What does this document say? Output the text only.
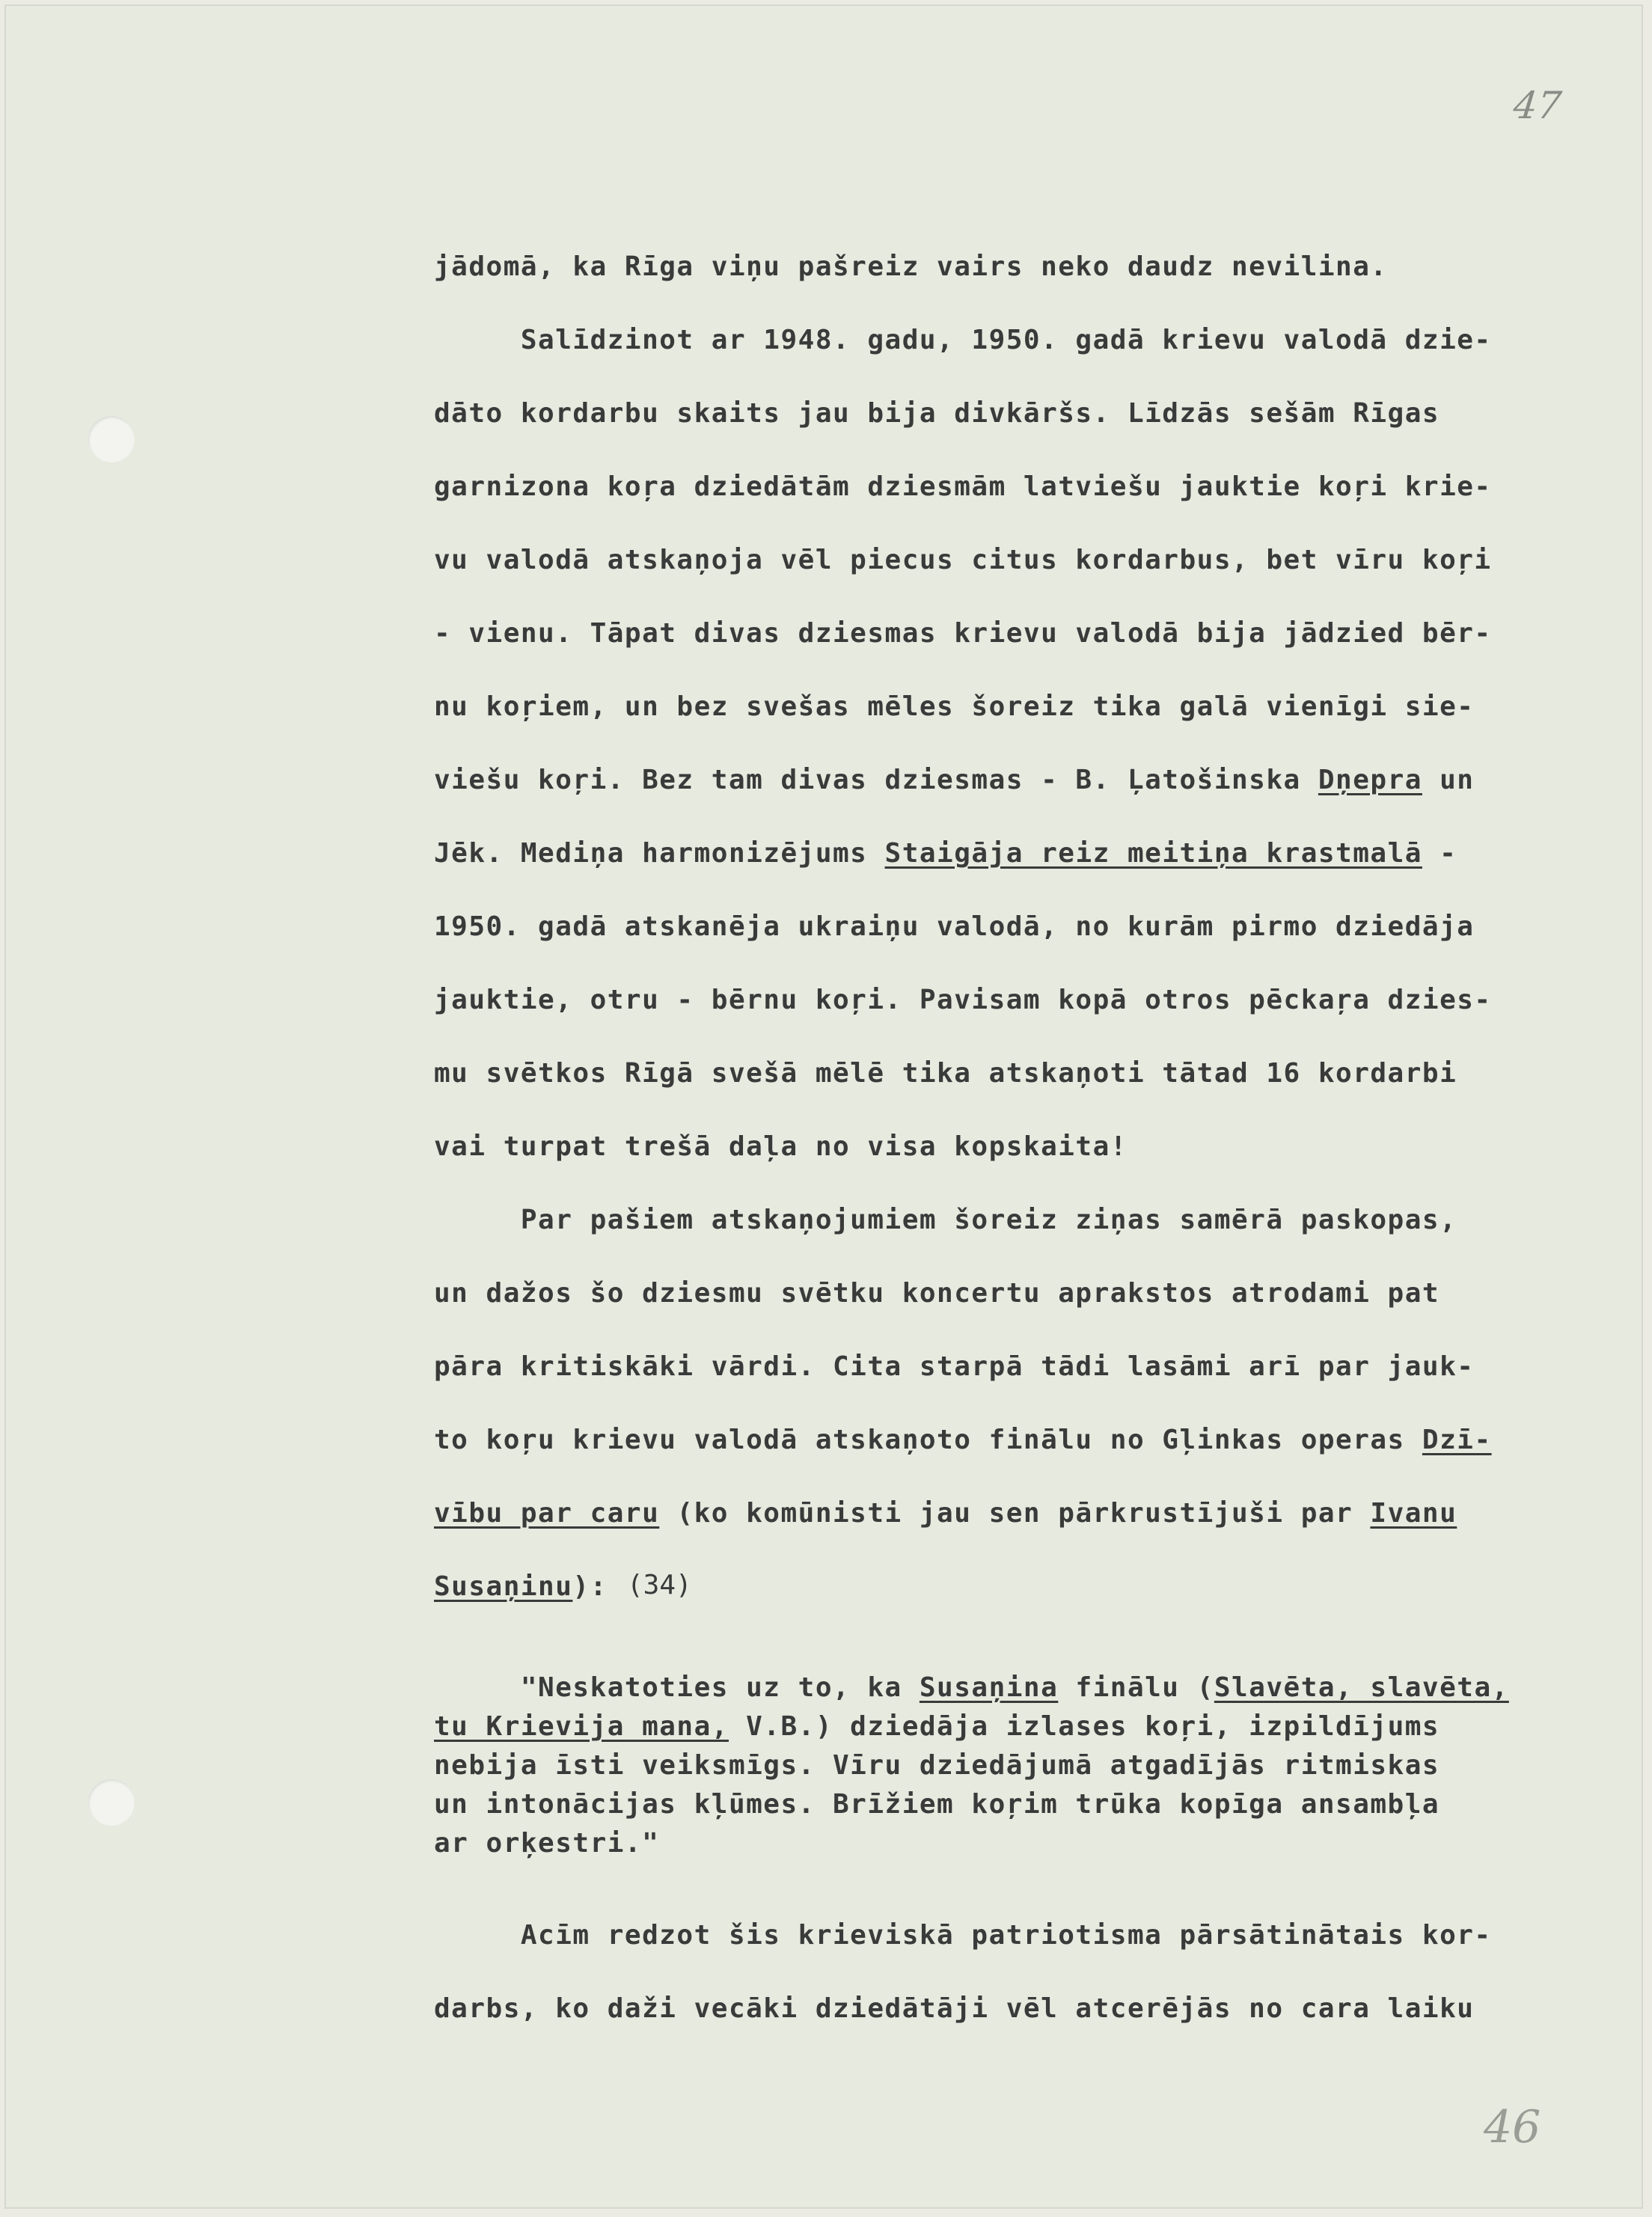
47
46
jādomā, ka Rīga viņu pašreiz vairs neko daudz nevilina.
Salīdzinot ar 1948. gadu, 1950. gadā krievu valodā dzie-
dāto kordarbu skaits jau bija divkāršs. Līdzās sešām Rīgas
garnizona koŗa dziedātām dziesmām latviešu jauktie koŗi krie-
vu valodā atskaņoja vēl piecus citus kordarbus, bet vīru koŗi
- vienu. Tāpat divas dziesmas krievu valodā bija jādzied bēr-
nu koŗiem, un bez svešas mēles šoreiz tika galā vienīgi sie-
viešu koŗi. Bez tam divas dziesmas - B. Ļatošinska Dņepra un
Jēk. Mediņa harmonizējums Staigāja reiz meitiņa krastmalā -
1950. gadā atskanēja ukraiņu valodā, no kurām pirmo dziedāja
jauktie, otru - bērnu koŗi. Pavisam kopā otros pēckaŗa dzies-
mu svētkos Rīgā svešā mēlē tika atskaņoti tātad 16 kordarbi
vai turpat trešā daļa no visa kopskaita!
Par pašiem atskaņojumiem šoreiz ziņas samērā paskopas,
un dažos šo dziesmu svētku koncertu aprakstos atrodami pat
pāra kritiskāki vārdi. Cita starpā tādi lasāmi arī par jauk-
to koŗu krievu valodā atskaņoto finālu no Gļinkas operas Dzī-
vību par caru (ko komūnisti jau sen pārkrustījuši par Ivanu
Susaņinu): (34)
"Neskatoties uz to, ka Susaņina finālu (Slavēta, slavēta,
tu Krievija mana, V.B.) dziedāja izlases koŗi, izpildījums
nebija īsti veiksmīgs. Vīru dziedājumā atgadījās ritmiskas
un intonācijas kļūmes. Brīžiem koŗim trūka kopīga ansambļa
ar orķestri."
Acīm redzot šis krieviskā patriotisma pārsātinātais kor-
darbs, ko daži vecāki dziedātāji vēl atcerējās no cara laiku
